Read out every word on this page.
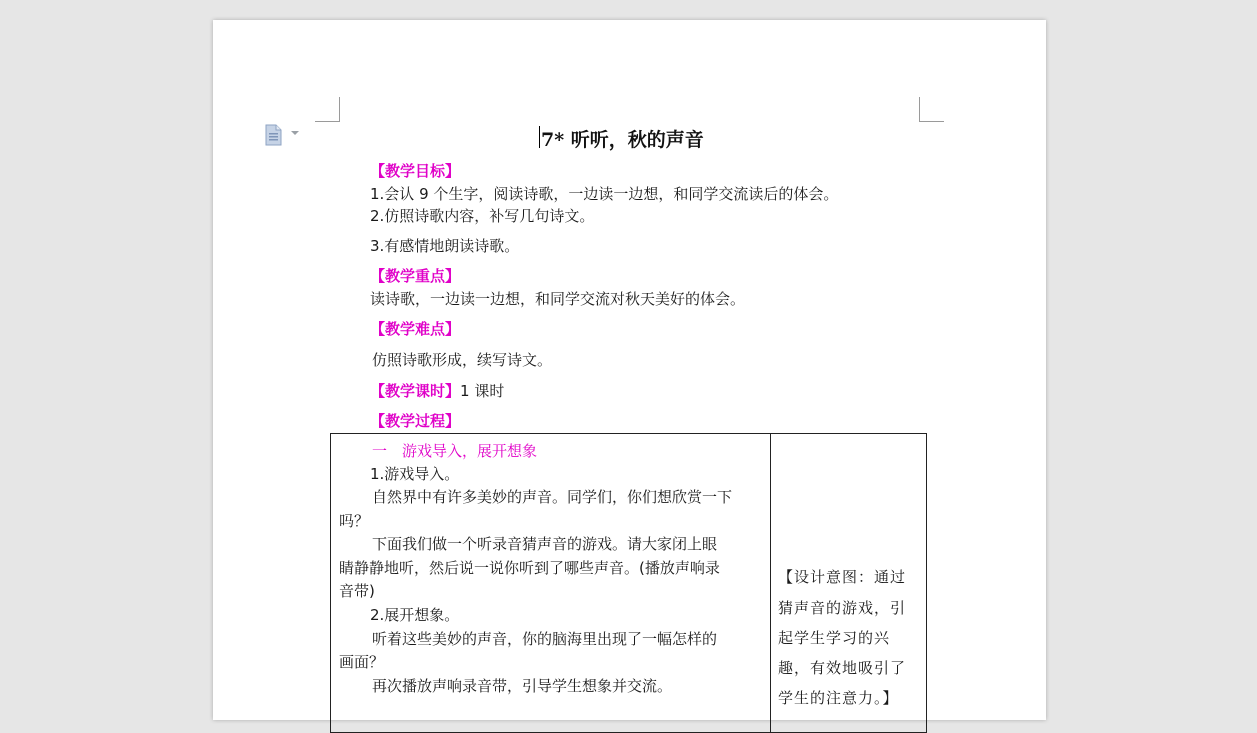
7* 听听，秋的声音
【教学目标】
1.会认 9 个生字，阅读诗歌，一边读一边想，和同学交流读后的体会。
2.仿照诗歌内容，补写几句诗文。
3.有感情地朗读诗歌。
【教学重点】
读诗歌，一边读一边想，和同学交流对秋天美好的体会。
【教学难点】
仿照诗歌形成，续写诗文。
【教学课时】1 课时
【教学过程】
一　游戏导入，展开想象
1.游戏导入。
自然界中有许多美妙的声音。同学们，你们想欣赏一下
吗？
下面我们做一个听录音猜声音的游戏。请大家闭上眼
睛静静地听，然后说一说你听到了哪些声音。(播放声响录
音带)
2.展开想象。
听着这些美妙的声音，你的脑海里出现了一幅怎样的
画面？
再次播放声响录音带，引导学生想象并交流。
【设计意图：通过
猜声音的游戏，引
起学生学习的兴
趣，有效地吸引了
学生的注意力。】
